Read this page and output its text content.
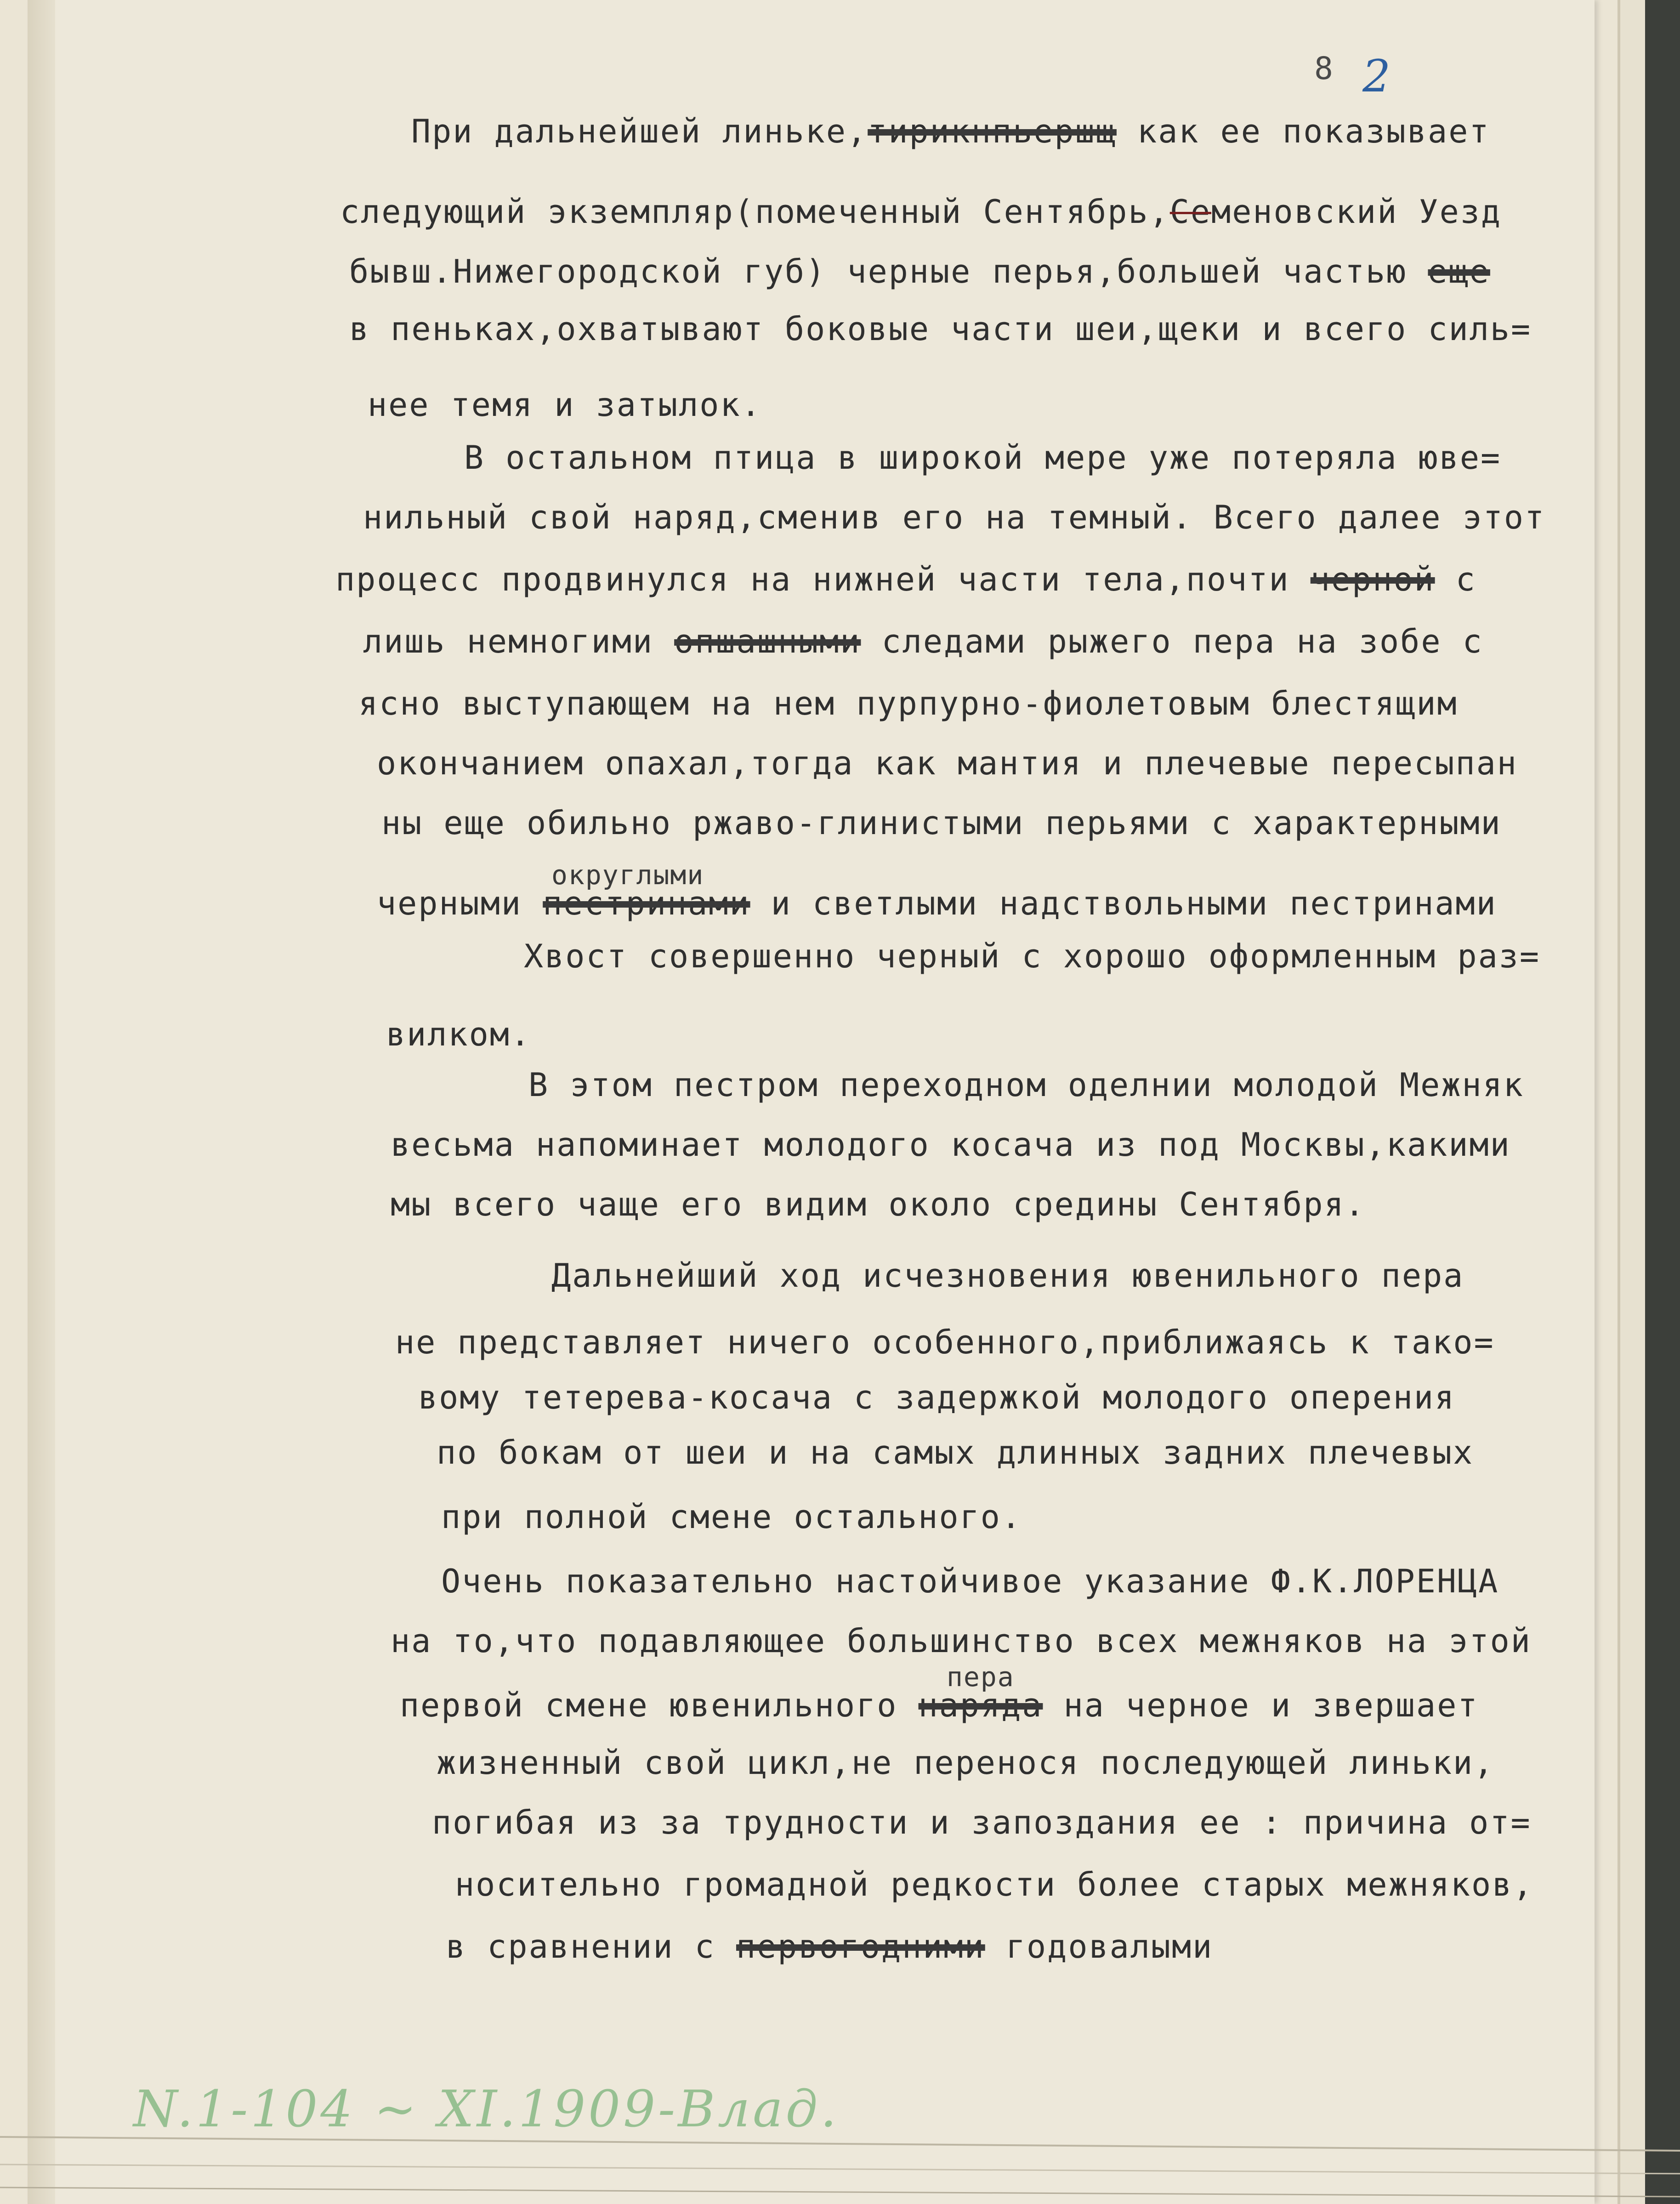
8 2
При дальнейшей линьке,тирикнпьершщ как ее показывает
следующий экземпляр(помеченный Сентябрь,Семеновский Уезд
бывш.Нижегородской губ) черные перья,большей частью еще
в пеньках,охватывают боковые части шеи,щеки и всего силь=
нее темя и затылок.
В остальном птица в широкой мере уже потеряла юве=
нильный свой наряд,сменив его на темный. Всего далее этот
процесс продвинулся на нижней части тела,почти черной с
лишь немногими опшашными следами рыжего пера на зобе с
ясно выступающем на нем пурпурно-фиолетовым блестящим
окончанием опахал,тогда как мантия и плечевые пересыпан
ны еще обильно ржаво-глинистыми перьями с характерными
округлыми
черными пестринами и светлыми надствольными пестринами
Хвост совершенно черный с хорошо оформленным раз=
вилком.
В этом пестром переходном оделнии молодой Межняк
весьма напоминает молодого косача из под Москвы,какими
мы всего чаще его видим около средины Сентября.
Дальнейший ход исчезновения ювенильного пера
не представляет ничего особенного,приближаясь к тако=
вому тетерева-косача с задержкой молодого оперения
по бокам от шеи и на самых длинных задних плечевых
при полной смене остального.
Очень показательно настойчивое указание Ф.К.ЛОРЕНЦА
на то,что подавляющее большинство всех межняков на этой
пера
первой смене ювенильного наряда на черное и звершает
жизненный свой цикл,не перенося последующей линьки,
погибая из за трудности и запоздания ее : причина от=
носительно громадной редкости более старых межняков,
в сравнении с первогодними годовалыми
N.1-104 ~ XI.1909-Влад.
